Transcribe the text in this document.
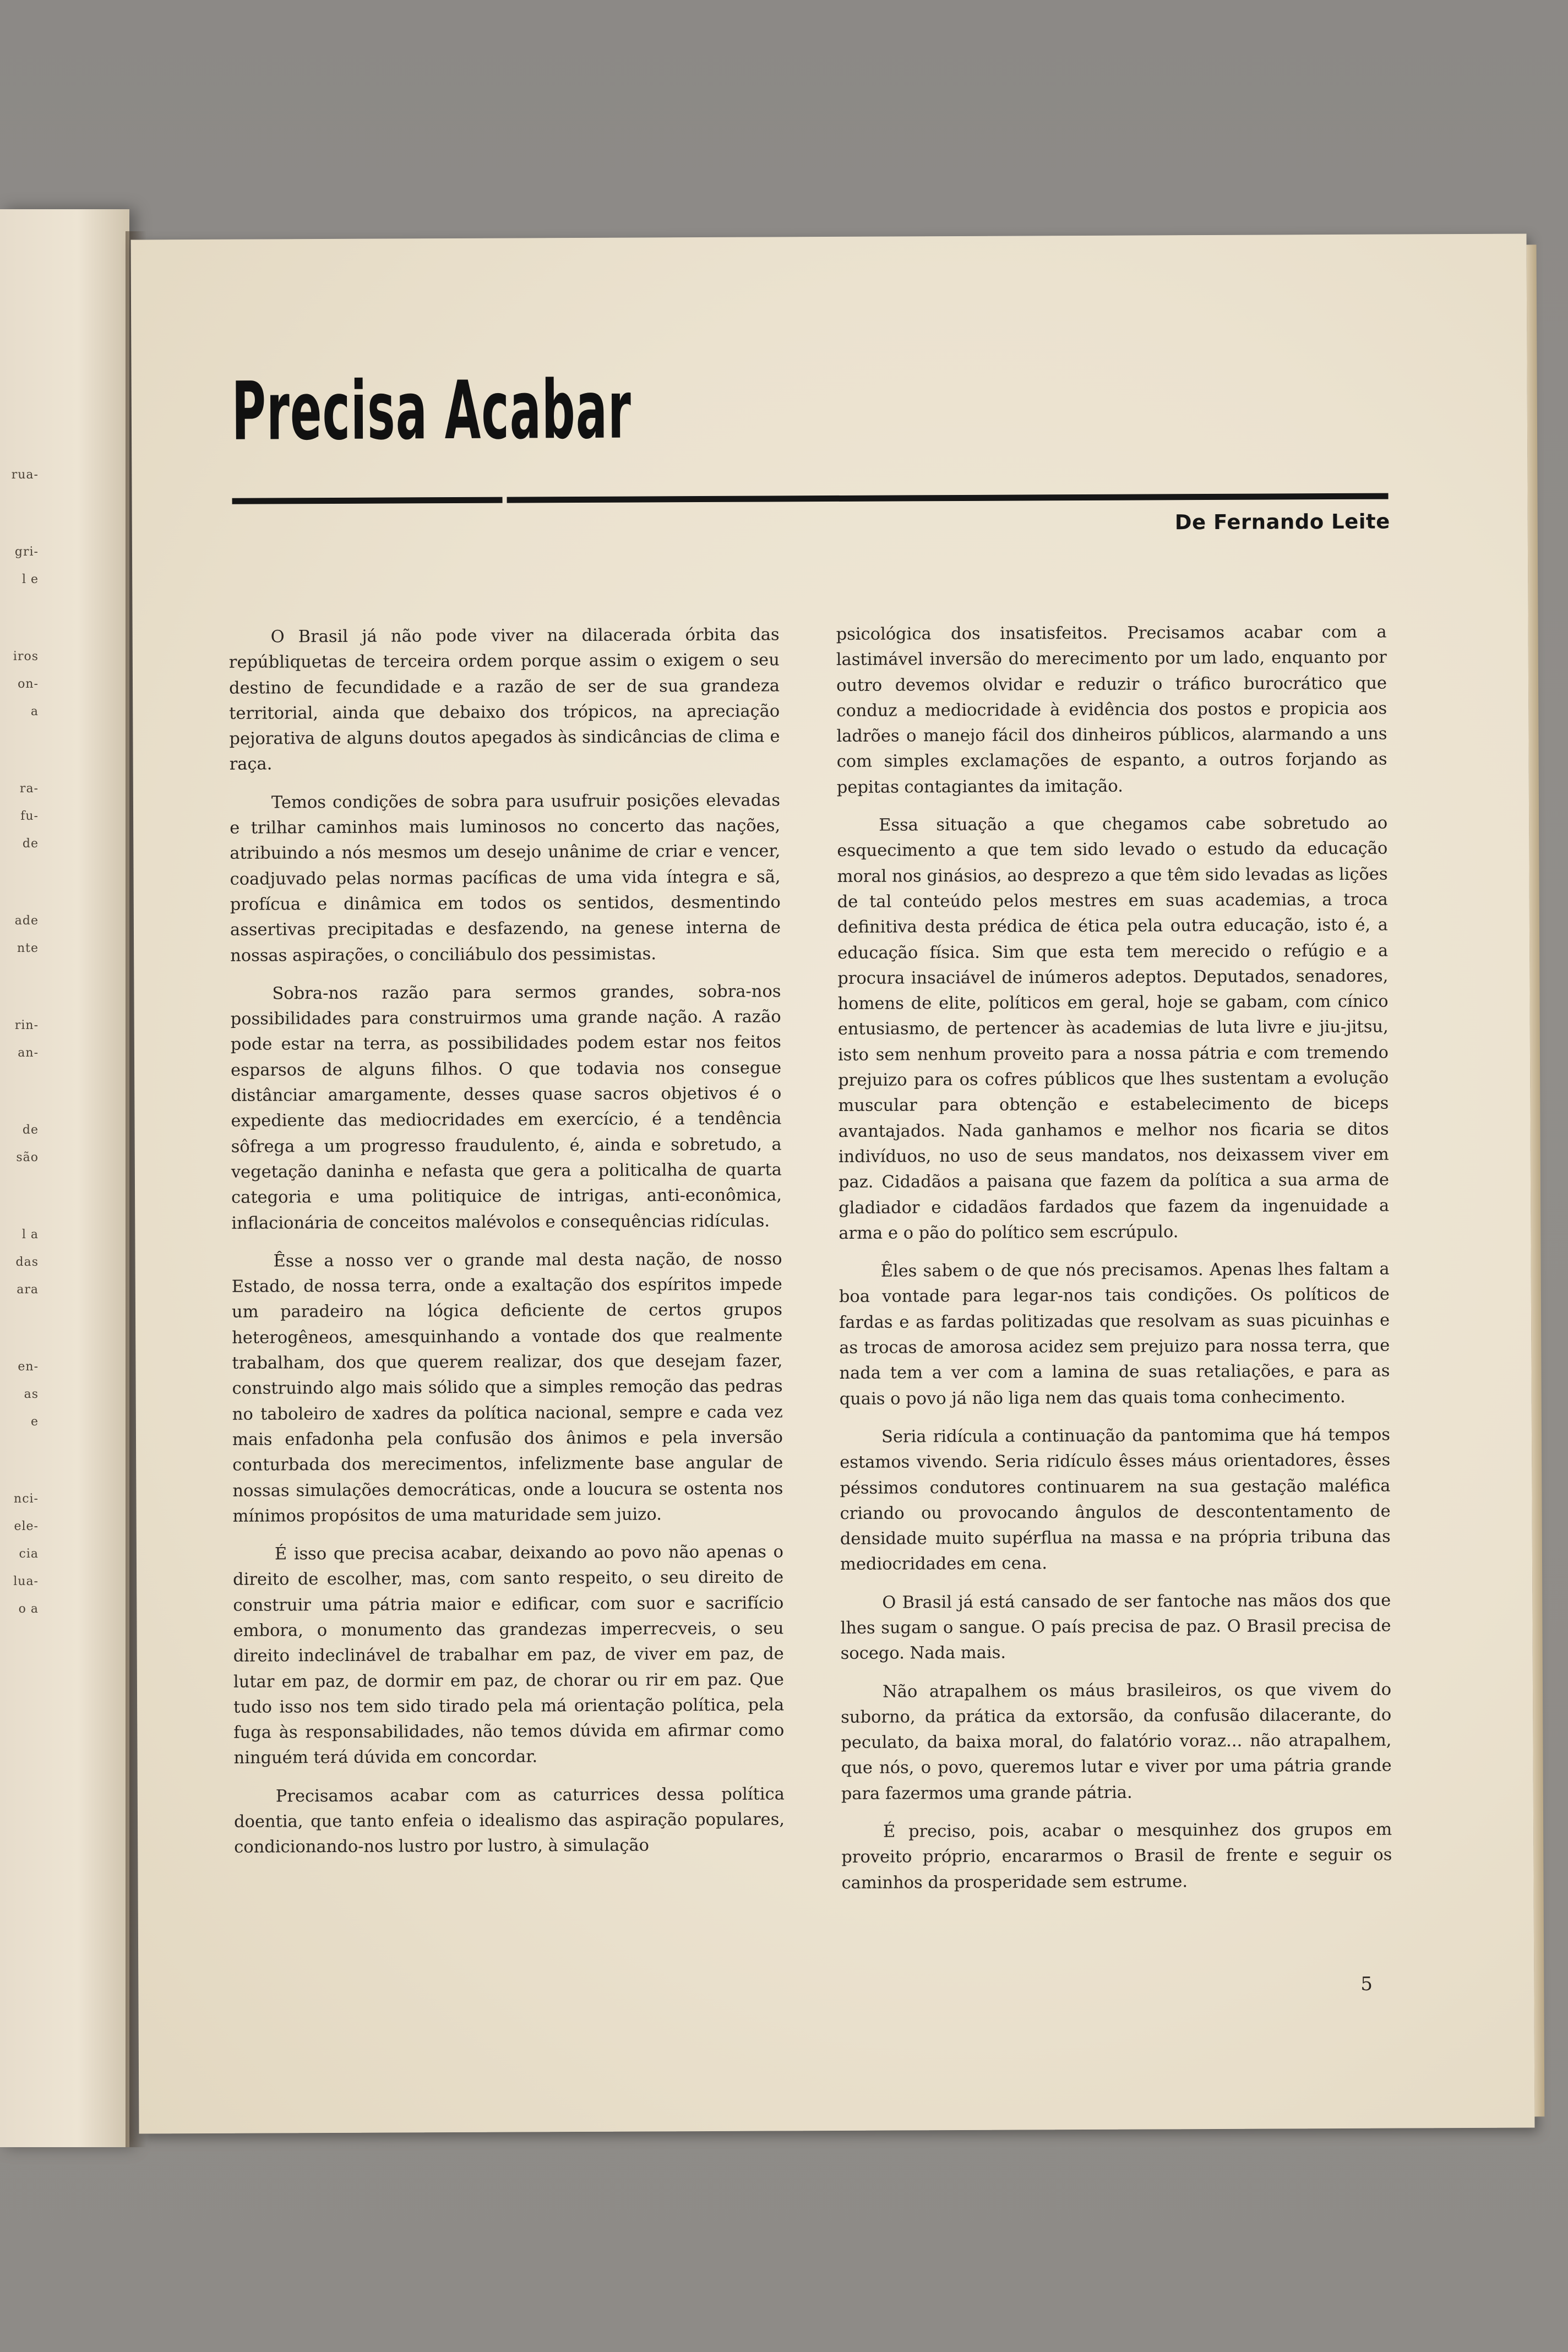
rua-
gri-
l e
iros
on-
a
ra-
fu-
de
ade
nte
rin-
an-
de
são
l a
das
ara
en-
as
e
nci-
ele-
cia
lua-
o a
Precisa Acabar
De Fernando Leite

O Brasil já não pode viver na dilacerada órbita das repúbliquetas de terceira ordem porque assim o exigem o seu destino de fecundidade e a razão de ser de sua grandeza territorial, ainda que debaixo dos trópicos, na apreciação pejorativa de alguns doutos apegados às sindicâncias de clima e raça.

Temos condições de sobra para usufruir posições elevadas e trilhar caminhos mais luminosos no concerto das nações, atribuindo a nós mesmos um desejo unânime de criar e vencer, coadjuvado pelas normas pacíficas de uma vida íntegra e sã, profícua e dinâmica em todos os sentidos, desmentindo assertivas precipitadas e desfazendo, na genese interna de nossas aspirações, o conciliábulo dos pessimistas.

Sobra-nos razão para sermos grandes, sobra-nos possibilidades para construirmos uma grande nação. A razão pode estar na terra, as possibilidades podem estar nos feitos esparsos de alguns filhos. O que todavia nos consegue distânciar amargamente, desses quase sacros objetivos é o expediente das mediocridades em exercício, é a tendência sôfrega a um progresso fraudulento, é, ainda e sobretudo, a vegetação daninha e nefasta que gera a politicalha de quarta categoria e uma politiquice de intrigas, anti-econômica, inflacionária de conceitos malévolos e consequências ridículas.

Êsse a nosso ver o grande mal desta nação, de nosso Estado, de nossa terra, onde a exaltação dos espíritos impede um paradeiro na lógica deficiente de certos grupos heterogêneos, amesquinhando a vontade dos que realmente trabalham, dos que querem realizar, dos que desejam fazer, construindo algo mais sólido que a simples remoção das pedras no taboleiro de xadres da política nacional, sempre e cada vez mais enfadonha pela confusão dos ânimos e pela inversão conturbada dos merecimentos, infelizmente base angular de nossas simulações democráticas, onde a loucura se ostenta nos mínimos propósitos de uma maturidade sem juizo.

É isso que precisa acabar, deixando ao povo não apenas o direito de escolher, mas, com santo respeito, o seu direito de construir uma pátria maior e edificar, com suor e sacrifício embora, o monumento das grandezas imperrecveis, o seu direito indeclinável de trabalhar em paz, de viver em paz, de lutar em paz, de dormir em paz, de chorar ou rir em paz. Que tudo isso nos tem sido tirado pela má orientação política, pela fuga às responsabilidades, não temos dúvida em afirmar como ninguém terá dúvida em concordar.

Precisamos acabar com as caturrices dessa política doentia, que tanto enfeia o idealismo das aspiração populares, condicionando-nos lustro por lustro, à simulação

psicológica dos insatisfeitos. Precisamos acabar com a lastimável inversão do merecimento por um lado, enquanto por outro devemos olvidar e reduzir o tráfico burocrático que conduz a mediocridade à evidência dos postos e propicia aos ladrões o manejo fácil dos dinheiros públicos, alarmando a uns com simples exclamações de espanto, a outros forjando as pepitas contagiantes da imitação.

Essa situação a que chegamos cabe sobretudo ao esquecimento a que tem sido levado o estudo da educação moral nos ginásios, ao desprezo a que têm sido levadas as lições de tal conteúdo pelos mestres em suas academias, a troca definitiva desta prédica de ética pela outra educação, isto é, a educação física. Sim que esta tem merecido o refúgio e a procura insaciável de inúmeros adeptos. Deputados, senadores, homens de elite, políticos em geral, hoje se gabam, com cínico entusiasmo, de pertencer às academias de luta livre e jiu-jitsu, isto sem nenhum proveito para a nossa pátria e com tremendo prejuizo para os cofres públicos que lhes sustentam a evolução muscular para obtenção e estabelecimento de biceps avantajados. Nada ganhamos e melhor nos ficaria se ditos indivíduos, no uso de seus mandatos, nos deixassem viver em paz. Cidadãos a paisana que fazem da política a sua arma de gladiador e cidadãos fardados que fazem da ingenuidade a arma e o pão do político sem escrúpulo.

Êles sabem o de que nós precisamos. Apenas lhes faltam a boa vontade para legar-nos tais condições. Os políticos de fardas e as fardas politizadas que resolvam as suas picuinhas e as trocas de amorosa acidez sem prejuizo para nossa terra, que nada tem a ver com a lamina de suas retaliações, e para as quais o povo já não liga nem das quais toma conhecimento.

Seria ridícula a continuação da pantomima que há tempos estamos vivendo. Seria ridículo êsses máus orientadores, êsses péssimos condutores continuarem na sua gestação maléfica criando ou provocando ângulos de descontentamento de densidade muito supérflua na massa e na própria tribuna das mediocridades em cena.

O Brasil já está cansado de ser fantoche nas mãos dos que lhes sugam o sangue. O país precisa de paz. O Brasil precisa de socego. Nada mais.

Não atrapalhem os máus brasileiros, os que vivem do suborno, da prática da extorsão, da confusão dilacerante, do peculato, da baixa moral, do falatório voraz... não atrapalhem, que nós, o povo, queremos lutar e viver por uma pátria grande para fazermos uma grande pátria.

É preciso, pois, acabar o mesquinhez dos grupos em proveito próprio, encararmos o Brasil de frente e seguir os caminhos da prosperidade sem estrume.

5
